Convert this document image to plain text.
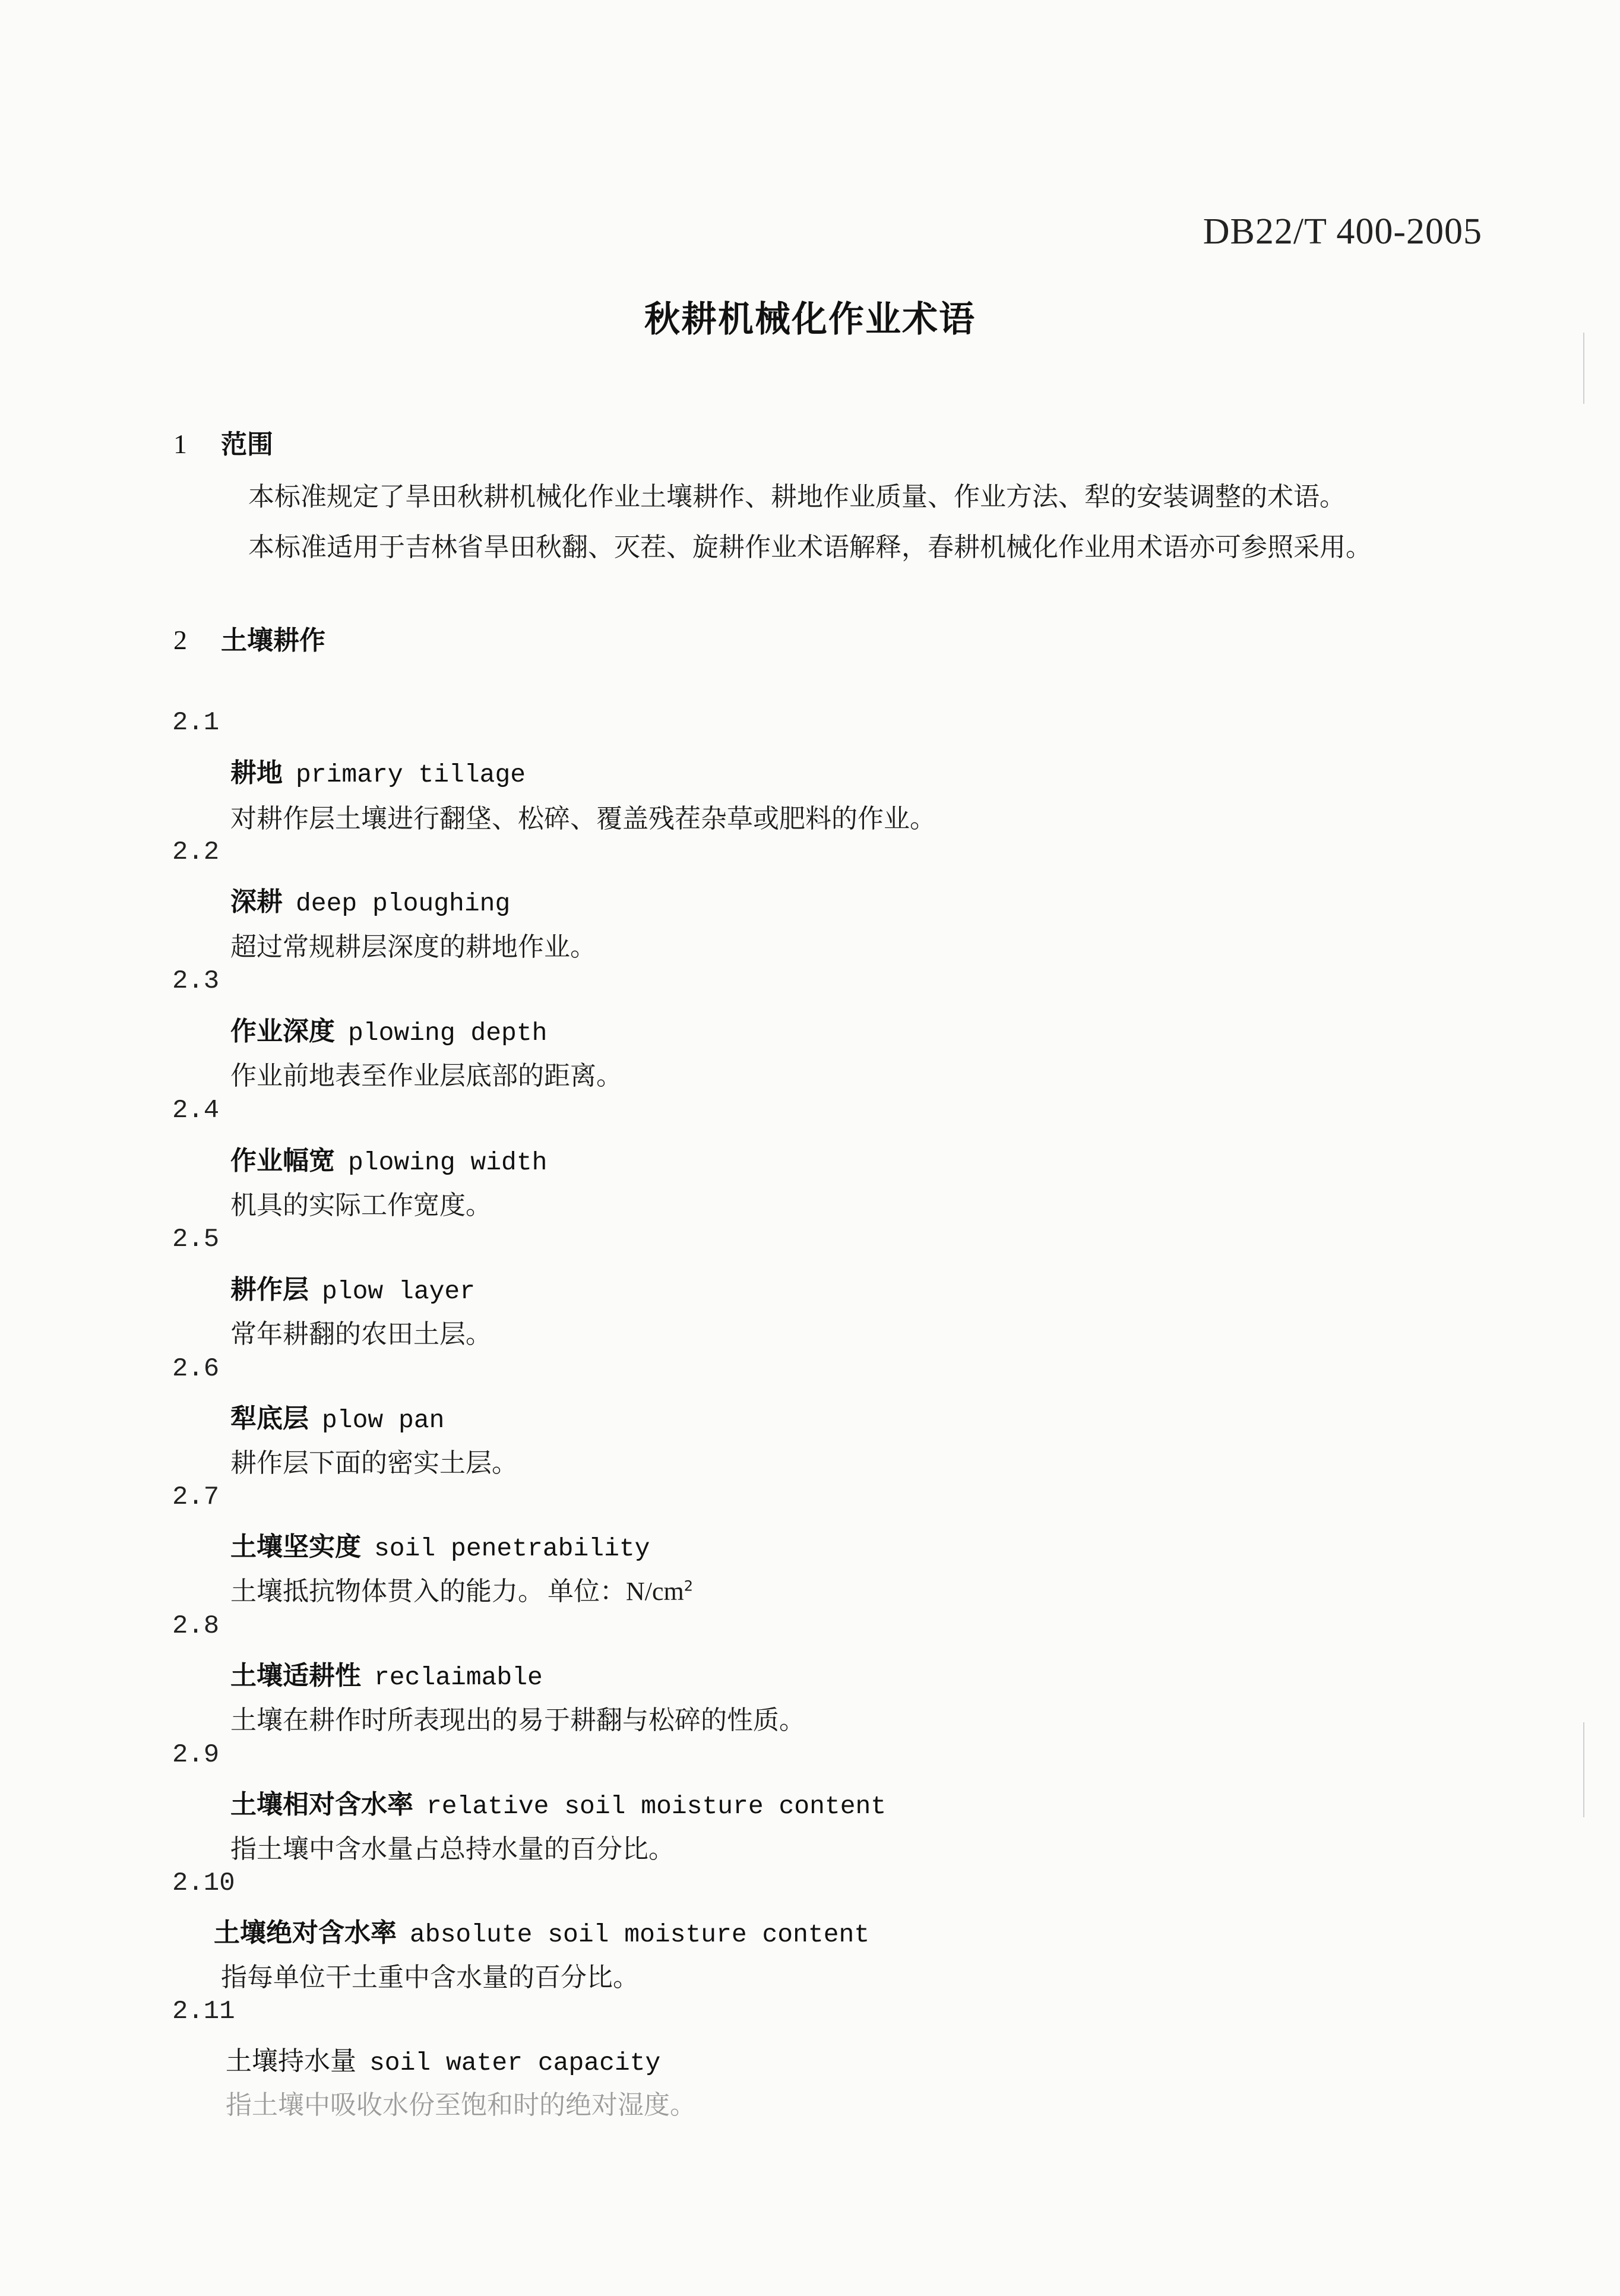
DB22/T 400-2005
秋耕机械化作业术语
1 范围
本标准规定了旱田秋耕机械化作业土壤耕作、耕地作业质量、作业方法、犁的安装调整的术语。
本标准适用于吉林省旱田秋翻、灭茬、旋耕作业术语解释，春耕机械化作业用术语亦可参照采用。
2 土壤耕作
2.1
耕地 primary tillage
对耕作层土壤进行翻垡、松碎、覆盖残茬杂草或肥料的作业。
2.2
深耕 deep ploughing
超过常规耕层深度的耕地作业。
2.3
作业深度 plowing depth
作业前地表至作业层底部的距离。
2.4
作业幅宽 plowing width
机具的实际工作宽度。
2.5
耕作层 plow layer
常年耕翻的农田土层。
2.6
犁底层 plow pan
耕作层下面的密实土层。
2.7
土壤坚实度 soil penetrability
土壤抵抗物体贯入的能力。 单位：$N/cm^2$
2.8
土壤适耕性 reclaimable
土壤在耕作时所表现出的易于耕翻与松碎的性质。
2.9
土壤相对含水率 relative soil moisture content
指土壤中含水量占总持水量的百分比。
2.10
土壤绝对含水率 absolute soil moisture content
指每单位干土重中含水量的百分比。
2.11
土壤持水量 soil water capacity
指土壤中吸收水份至饱和时的绝对湿度。
